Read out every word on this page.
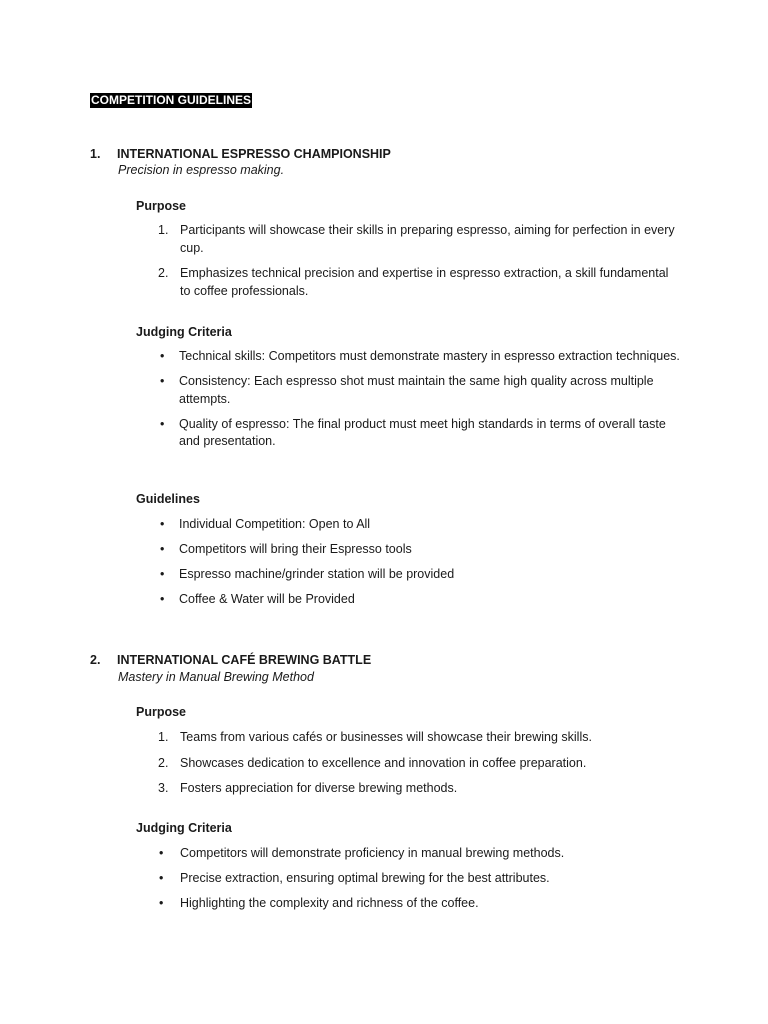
COMPETITION GUIDELINES
1. INTERNATIONAL ESPRESSO CHAMPIONSHIP
Precision in espresso making.
Purpose
1. Participants will showcase their skills in preparing espresso, aiming for perfection in every cup.
2. Emphasizes technical precision and expertise in espresso extraction, a skill fundamental to coffee professionals.
Judging Criteria
• Technical skills: Competitors must demonstrate mastery in espresso extraction techniques.
• Consistency: Each espresso shot must maintain the same high quality across multiple attempts.
• Quality of espresso: The final product must meet high standards in terms of overall taste and presentation.
Guidelines
• Individual Competition: Open to All
• Competitors will bring their Espresso tools
• Espresso machine/grinder station will be provided
• Coffee & Water will be Provided
2. INTERNATIONAL CAFÉ BREWING BATTLE
Mastery in Manual Brewing Method
Purpose
1. Teams from various cafés or businesses will showcase their brewing skills.
2. Showcases dedication to excellence and innovation in coffee preparation.
3. Fosters appreciation for diverse brewing methods.
Judging Criteria
• Competitors will demonstrate proficiency in manual brewing methods.
• Precise extraction, ensuring optimal brewing for the best attributes.
• Highlighting the complexity and richness of the coffee.
